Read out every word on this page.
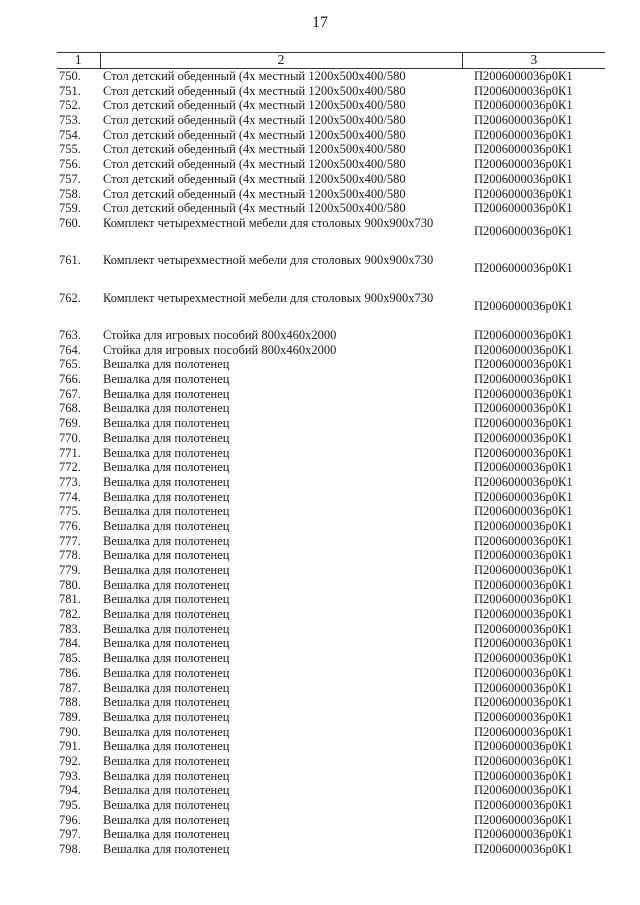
17
1	2	3
750.	Стол детский обеденный (4х местный 1200х500х400/580	П2006000036р0К1
751.	Стол детский обеденный (4х местный 1200х500х400/580	П2006000036р0К1
752.	Стол детский обеденный (4х местный 1200х500х400/580	П2006000036р0К1
753.	Стол детский обеденный (4х местный 1200х500х400/580	П2006000036р0К1
754.	Стол детский обеденный (4х местный 1200х500х400/580	П2006000036р0К1
755.	Стол детский обеденный (4х местный 1200х500х400/580	П2006000036р0К1
756.	Стол детский обеденный (4х местный 1200х500х400/580	П2006000036р0К1
757.	Стол детский обеденный (4х местный 1200х500х400/580	П2006000036р0К1
758.	Стол детский обеденный (4х местный 1200х500х400/580	П2006000036р0К1
759.	Стол детский обеденный (4х местный 1200х500х400/580	П2006000036р0К1
760.	Комплект четырехместной мебели для столовых 900х900х730	П2006000036р0К1
761.	Комплект четырехместной мебели для столовых 900х900х730	П2006000036р0К1
762.	Комплект четырехместной мебели для столовых 900х900х730	П2006000036р0К1
763.	Стойка для игровых пособий 800х460х2000	П2006000036р0К1
764.	Стойка для игровых пособий 800х460х2000	П2006000036р0К1
765.	Вешалка для полотенец	П2006000036р0К1
766.	Вешалка для полотенец	П2006000036р0К1
767.	Вешалка для полотенец	П2006000036р0К1
768.	Вешалка для полотенец	П2006000036р0К1
769.	Вешалка для полотенец	П2006000036р0К1
770.	Вешалка для полотенец	П2006000036р0К1
771.	Вешалка для полотенец	П2006000036р0К1
772.	Вешалка для полотенец	П2006000036р0К1
773.	Вешалка для полотенец	П2006000036р0К1
774.	Вешалка для полотенец	П2006000036р0К1
775.	Вешалка для полотенец	П2006000036р0К1
776.	Вешалка для полотенец	П2006000036р0К1
777.	Вешалка для полотенец	П2006000036р0К1
778.	Вешалка для полотенец	П2006000036р0К1
779.	Вешалка для полотенец	П2006000036р0К1
780.	Вешалка для полотенец	П2006000036р0К1
781.	Вешалка для полотенец	П2006000036р0К1
782.	Вешалка для полотенец	П2006000036р0К1
783.	Вешалка для полотенец	П2006000036р0К1
784.	Вешалка для полотенец	П2006000036р0К1
785.	Вешалка для полотенец	П2006000036р0К1
786.	Вешалка для полотенец	П2006000036р0К1
787.	Вешалка для полотенец	П2006000036р0К1
788.	Вешалка для полотенец	П2006000036р0К1
789.	Вешалка для полотенец	П2006000036р0К1
790.	Вешалка для полотенец	П2006000036р0К1
791.	Вешалка для полотенец	П2006000036р0К1
792.	Вешалка для полотенец	П2006000036р0К1
793.	Вешалка для полотенец	П2006000036р0К1
794.	Вешалка для полотенец	П2006000036р0К1
795.	Вешалка для полотенец	П2006000036р0К1
796.	Вешалка для полотенец	П2006000036р0К1
797.	Вешалка для полотенец	П2006000036р0К1
798.	Вешалка для полотенец	П2006000036р0К1
